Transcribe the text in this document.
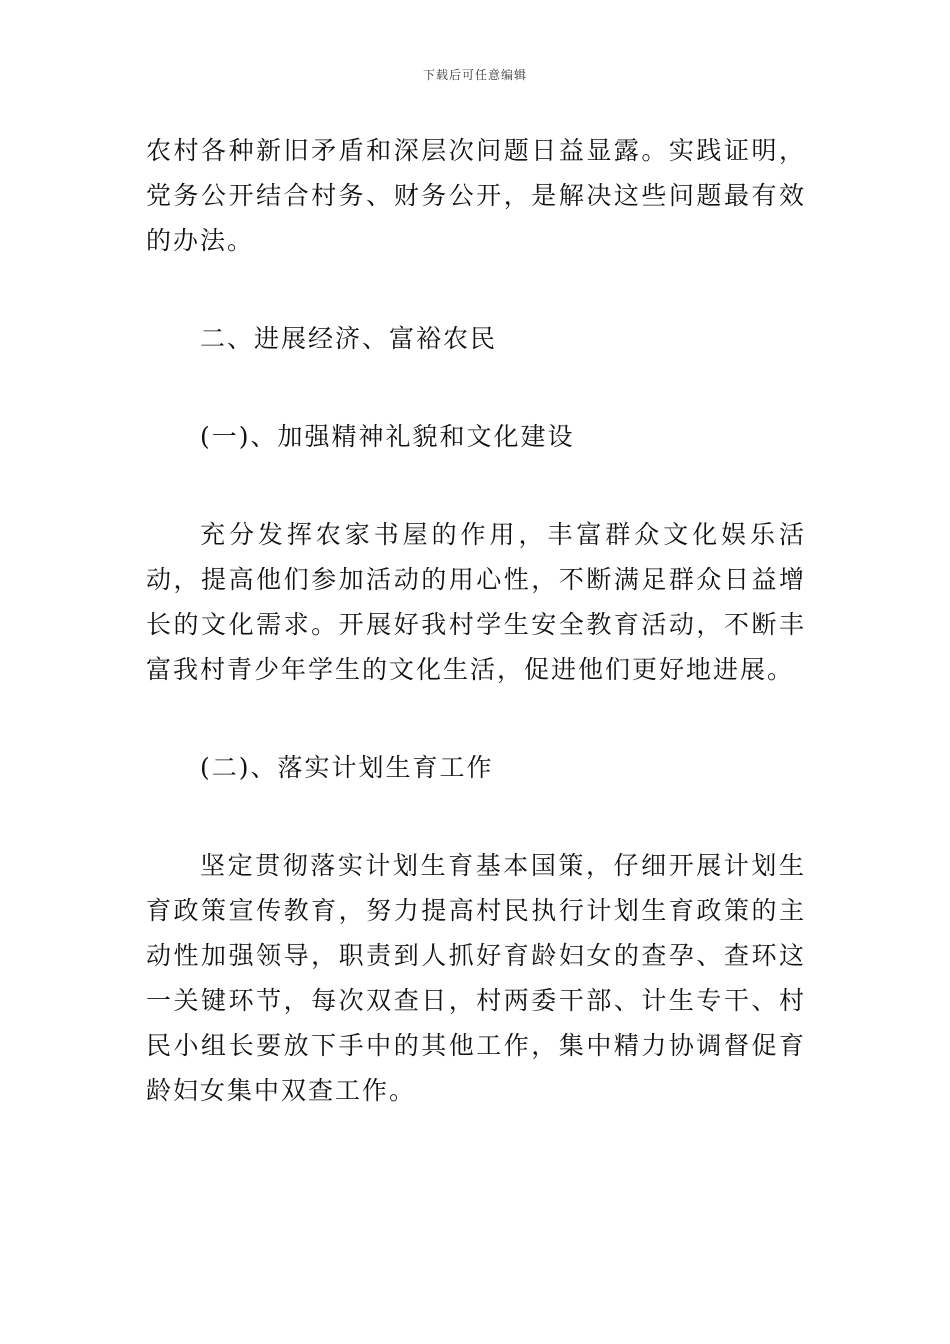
下载后可任意编辑

农村各种新旧矛盾和深层次问题日益显露。实践证明，党务公开结合村务、财务公开，是解决这些问题最有效的办法。

二、进展经济、富裕农民

(一)、加强精神礼貌和文化建设

充分发挥农家书屋的作用，丰富群众文化娱乐活动，提高他们参加活动的用心性，不断满足群众日益增长的文化需求。开展好我村学生安全教育活动，不断丰富我村青少年学生的文化生活，促进他们更好地进展。

(二)、落实计划生育工作

坚定贯彻落实计划生育基本国策，仔细开展计划生育政策宣传教育，努力提高村民执行计划生育政策的主动性加强领导，职责到人抓好育龄妇女的查孕、查环这一关键环节，每次双查日，村两委干部、计生专干、村民小组长要放下手中的其他工作，集中精力协调督促育龄妇女集中双查工作。
